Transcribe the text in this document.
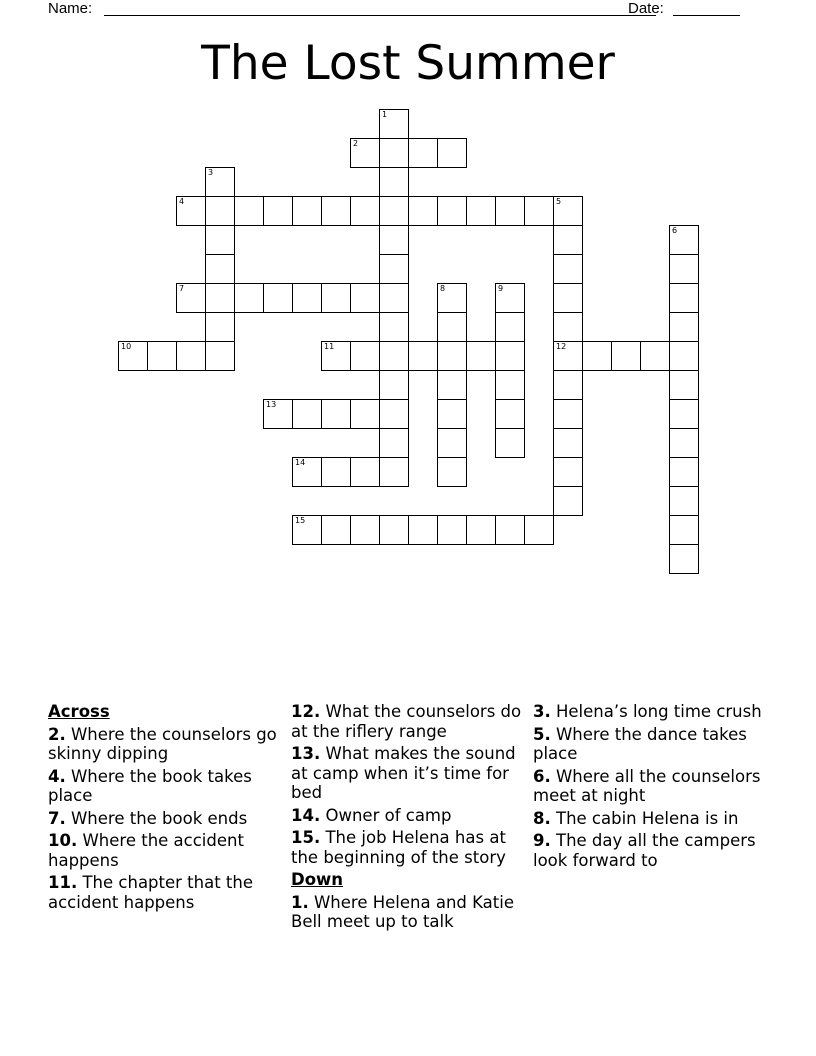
Name:	Date:
The Lost Summer
1
2
3
4	5
12
6
7	8	9
10	11
13
14
15
Across
2. Where the counselors go skinny dipping
4. Where the book takes place
7. Where the book ends
10. Where the accident happens
11. The chapter that the accident happens
12. What the counselors do at the riflery range
13. What makes the sound at camp when it’s time for bed
14. Owner of camp
15. The job Helena has at the beginning of the story
Down
1. Where Helena and Katie Bell meet up to talk
3. Helena’s long time crush
5. Where the dance takes place
6. Where all the counselors meet at night
8. The cabin Helena is in
9. The day all the campers look forward to
